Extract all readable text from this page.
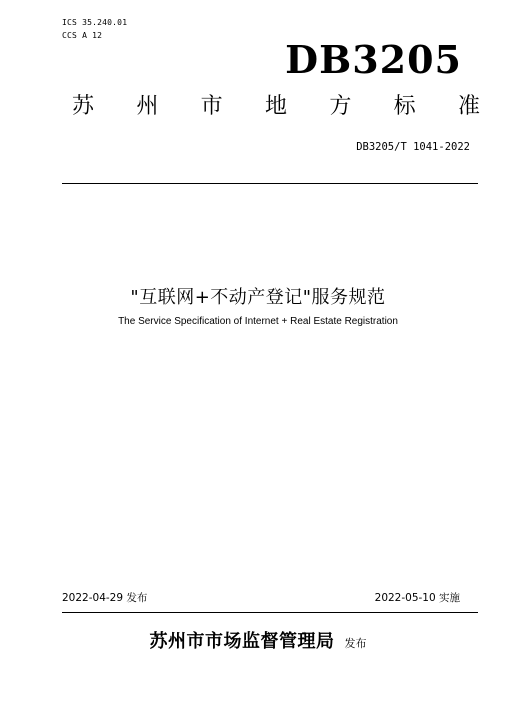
ICS 35.240.01
CCS A 12
DB3205
苏 州 市 地 方 标 准
DB3205/T 1041-2022
"互联网+不动产登记"服务规范
The Service Specification of Internet + Real Estate Registration
2022-04-29 发布	2022-05-10 实施
苏州市市场监督管理局 发布
